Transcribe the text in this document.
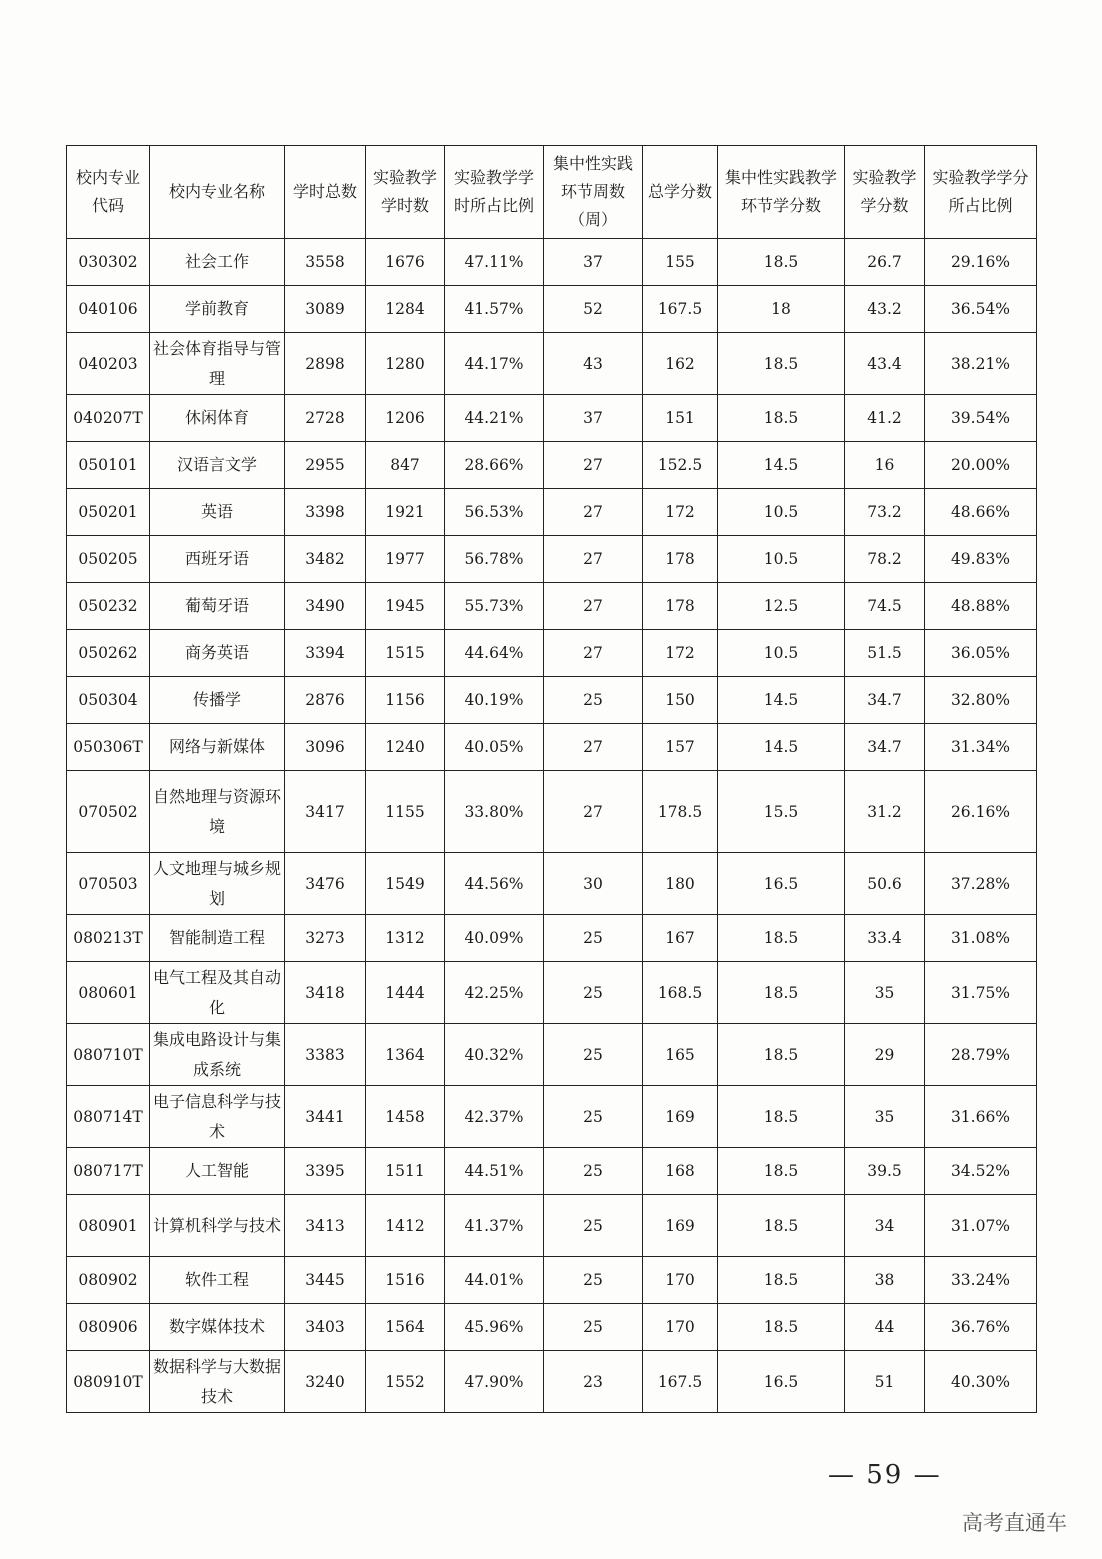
校内专业代码	校内专业名称	学时总数	实验教学学时数	实验教学学时所占比例	集中性实践环节周数（周）	总学分数	集中性实践教学环节学分数	实验教学学分数	实验教学学分所占比例
030302	社会工作	3558	1676	47.11%	37	155	18.5	26.7	29.16%
040106	学前教育	3089	1284	41.57%	52	167.5	18	43.2	36.54%
040203	社会体育指导与管理	2898	1280	44.17%	43	162	18.5	43.4	38.21%
040207T	休闲体育	2728	1206	44.21%	37	151	18.5	41.2	39.54%
050101	汉语言文学	2955	847	28.66%	27	152.5	14.5	16	20.00%
050201	英语	3398	1921	56.53%	27	172	10.5	73.2	48.66%
050205	西班牙语	3482	1977	56.78%	27	178	10.5	78.2	49.83%
050232	葡萄牙语	3490	1945	55.73%	27	178	12.5	74.5	48.88%
050262	商务英语	3394	1515	44.64%	27	172	10.5	51.5	36.05%
050304	传播学	2876	1156	40.19%	25	150	14.5	34.7	32.80%
050306T	网络与新媒体	3096	1240	40.05%	27	157	14.5	34.7	31.34%
070502	自然地理与资源环境	3417	1155	33.80%	27	178.5	15.5	31.2	26.16%
070503	人文地理与城乡规划	3476	1549	44.56%	30	180	16.5	50.6	37.28%
080213T	智能制造工程	3273	1312	40.09%	25	167	18.5	33.4	31.08%
080601	电气工程及其自动化	3418	1444	42.25%	25	168.5	18.5	35	31.75%
080710T	集成电路设计与集成系统	3383	1364	40.32%	25	165	18.5	29	28.79%
080714T	电子信息科学与技术	3441	1458	42.37%	25	169	18.5	35	31.66%
080717T	人工智能	3395	1511	44.51%	25	168	18.5	39.5	34.52%
080901	计算机科学与技术	3413	1412	41.37%	25	169	18.5	34	31.07%
080902	软件工程	3445	1516	44.01%	25	170	18.5	38	33.24%
080906	数字媒体技术	3403	1564	45.96%	25	170	18.5	44	36.76%
080910T	数据科学与大数据技术	3240	1552	47.90%	23	167.5	16.5	51	40.30%
— 59 —
高考直通车
